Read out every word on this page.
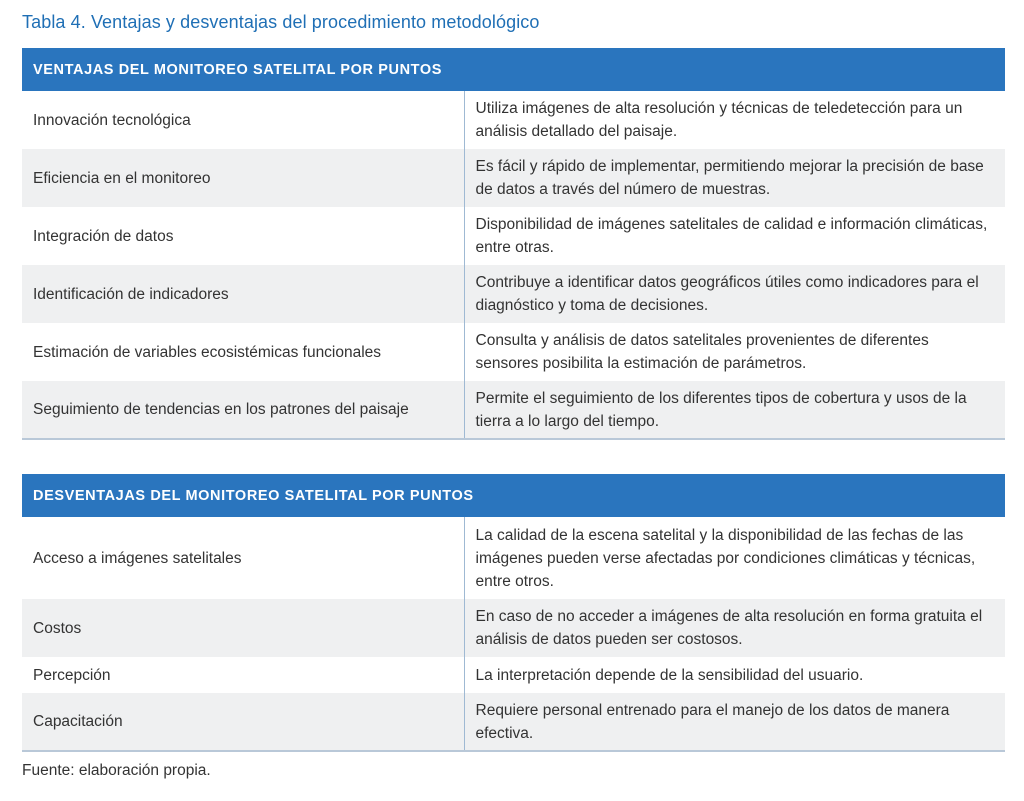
Tabla 4. Ventajas y desventajas del procedimiento metodológico
VENTAJAS DEL MONITOREO SATELITAL POR PUNTOS	
Innovación tecnológica	Utiliza imágenes de alta resolución y técnicas de teledetección para un análisis detallado del paisaje.
Eficiencia en el monitoreo	Es fácil y rápido de implementar, permitiendo mejorar la precisión de base de datos a través del número de muestras.
Integración de datos	Disponibilidad de imágenes satelitales de calidad e información climáticas, entre otras.
Identificación de indicadores	Contribuye a identificar datos geográficos útiles como indicadores para el diagnóstico y toma de decisiones.
Estimación de variables ecosistémicas funcionales	Consulta y análisis de datos satelitales provenientes de diferentes sensores posibilita la estimación de parámetros.
Seguimiento de tendencias en los patrones del paisaje	Permite el seguimiento de los diferentes tipos de cobertura y usos de la tierra a lo largo del tiempo.
DESVENTAJAS DEL MONITOREO SATELITAL POR PUNTOS	
Acceso a imágenes satelitales	La calidad de la escena satelital y la disponibilidad de las fechas de las imágenes pueden verse afectadas por condiciones climáticas y técnicas, entre otros.
Costos	En caso de no acceder a imágenes de alta resolución en forma gratuita el análisis de datos pueden ser costosos.
Percepción	La interpretación depende de la sensibilidad del usuario.
Capacitación	Requiere personal entrenado para el manejo de los datos de manera efectiva.
Fuente: elaboración propia.
